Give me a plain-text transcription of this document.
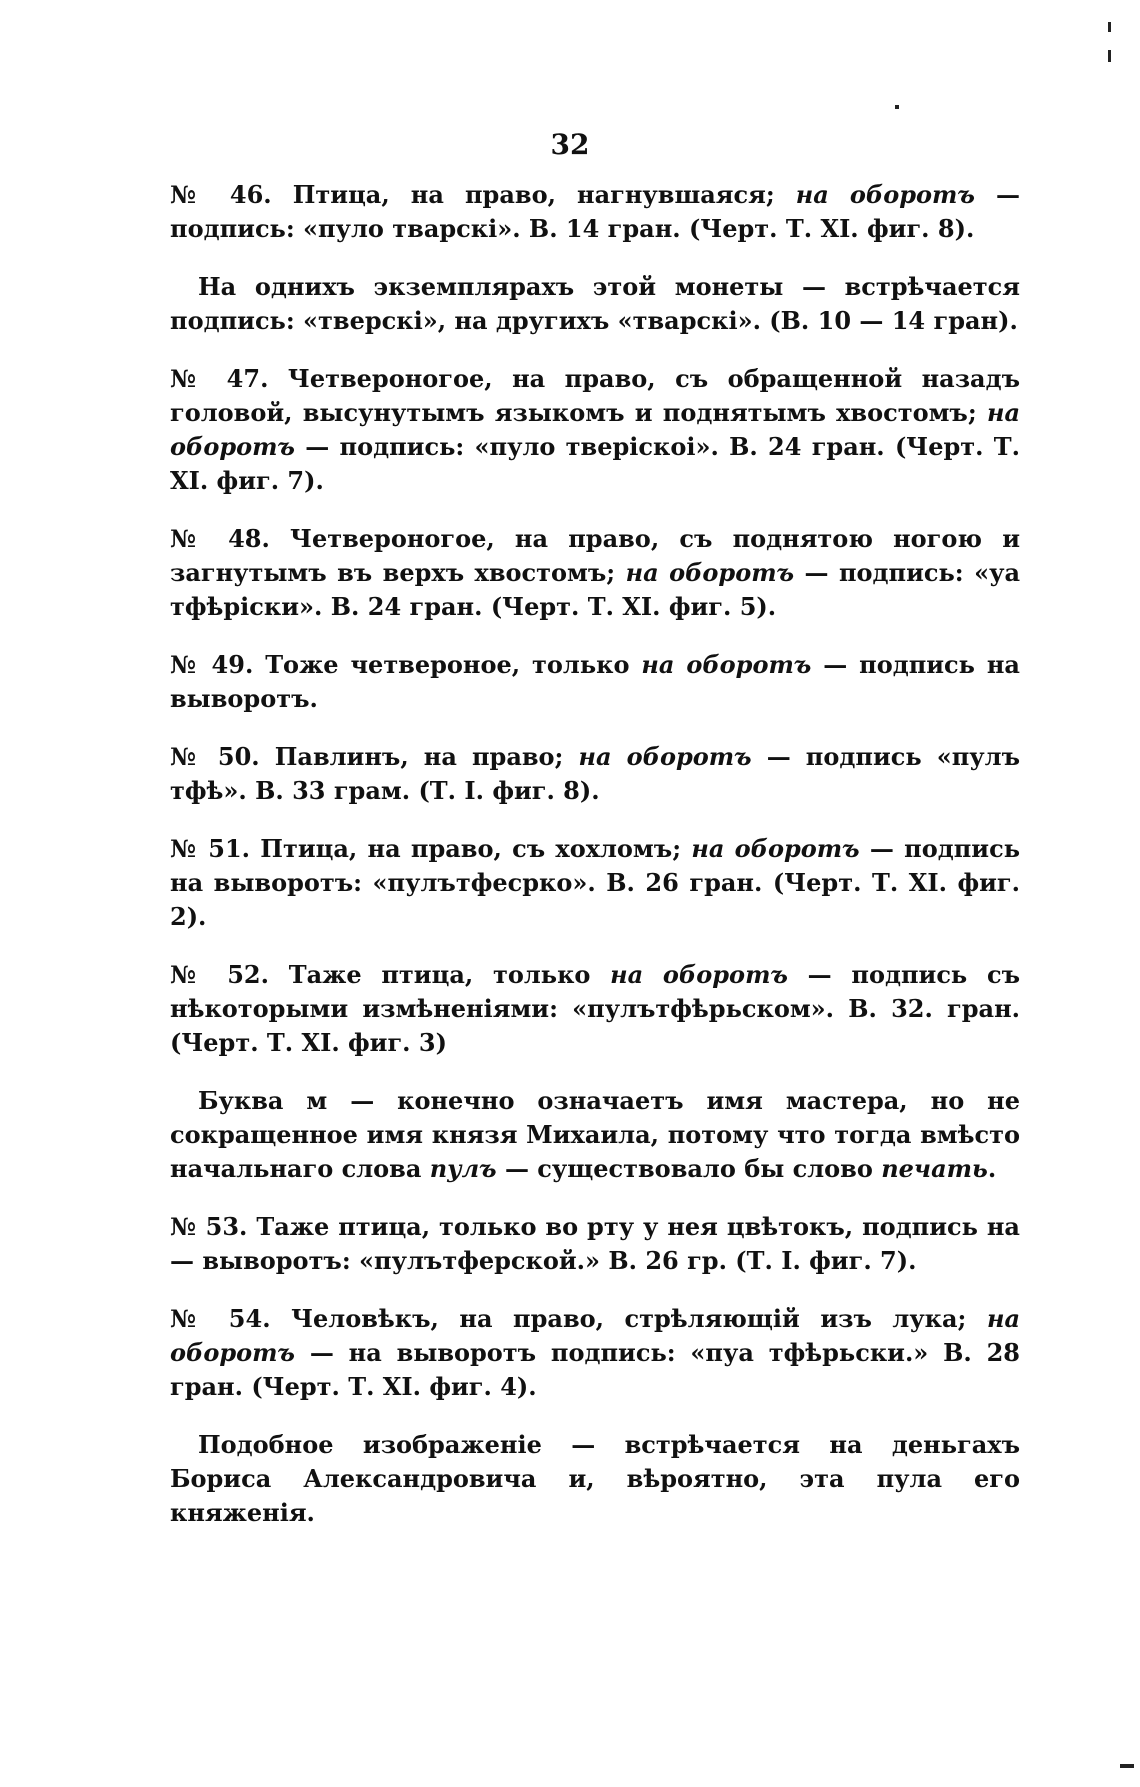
32

№ 46. Птица, на право, нагнувшаяся; на оборотъ — подпись: «пуло тварскі». В. 14 гран. (Черт. Т. XI. фиг. 8).

На однихъ экземплярахъ этой монеты — встрѣчается подпись: «тверскі», на другихъ «тварскі». (В. 10 — 14 гран).

№ 47. Четвероногое, на право, съ обращенной назадъ головой, высунутымъ языкомъ и поднятымъ хвостомъ; на оборотъ — подпись: «пуло тверіскоі». В. 24 гран. (Черт. Т. XI. фиг. 7).

№ 48. Четвероногое, на право, съ поднятою ногою и загнутымъ въ верхъ хвостомъ; на оборотъ — подпись: «уа тфѣрiски». В. 24 гран. (Черт. Т. XI. фиг. 5).

№ 49. Тоже четвероное, только на оборотъ — подпись на выворотъ.

№ 50. Павлинъ, на право; на оборотъ — подпись «пулъ тфѣ». В. 33 грам. (Т. I. фиг. 8).

№ 51. Птица, на право, съ хохломъ; на оборотъ — подпись на выворотъ: «пулътфесрко». В. 26 гран. (Черт. Т. XI. фиг. 2).

№ 52. Таже птица, только на оборотъ — подпись съ нѣкоторыми измѣненіями: «пулътфѣрьском». В. 32. гран. (Черт. Т. XI. фиг. 3)

Буква м — конечно означаетъ имя мастера, но не сокращенное имя князя Михаила, потому что тогда вмѣсто начальнаго слова пулъ — существовало бы слово печать.

№ 53. Таже птица, только во рту у нея цвѣтокъ, подпись на — выворотъ: «пулътферской.» В. 26 гр. (Т. I. фиг. 7).

№ 54. Человѣкъ, на право, стрѣляющій изъ лука; на оборотъ — на выворотъ подпись: «пуа тфѣрьски.» В. 28 гран. (Черт. Т. XI. фиг. 4).

Подобное изображеніе — встрѣчается на деньгахъ Бориса Александровича и, вѣроятно, эта пула его княженія.
